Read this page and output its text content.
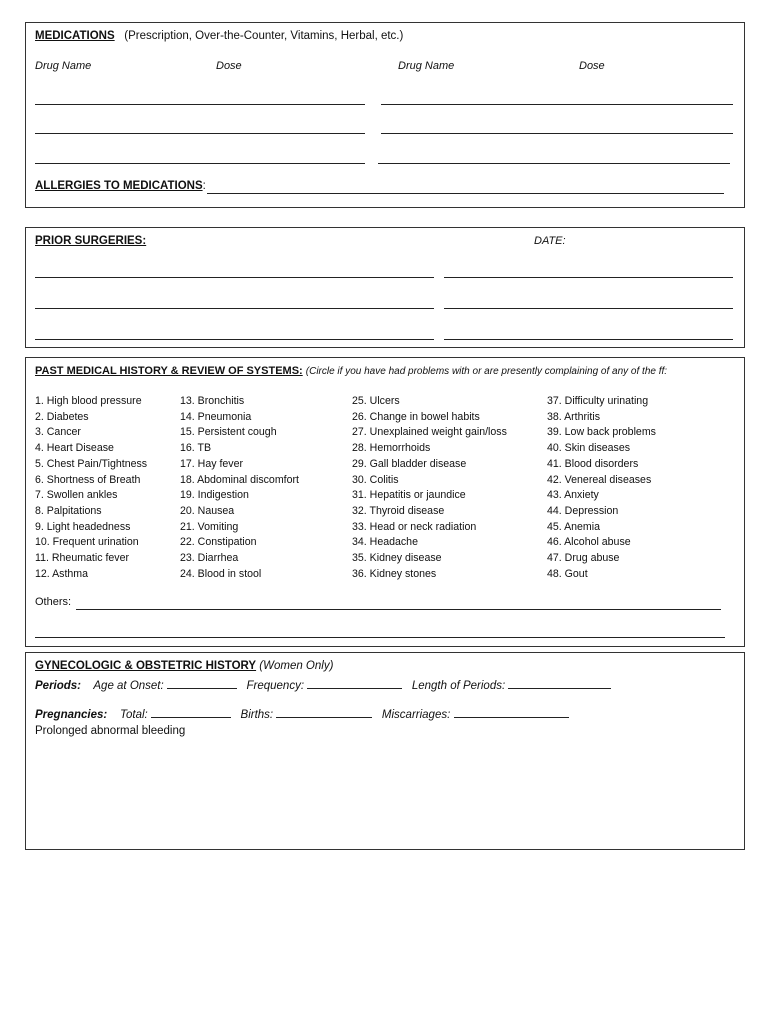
MEDICATIONS (Prescription, Over-the-Counter, Vitamins, Herbal, etc.)
Drug Name	Dose	Drug Name	Dose
ALLERGIES TO MEDICATIONS:
PRIOR SURGERIES:	DATE:
PAST MEDICAL HISTORY & REVIEW OF SYSTEMS: (Circle if you have had problems with or are presently complaining of any of the ff:
1. High blood pressure
2. Diabetes
3. Cancer
4. Heart Disease
5. Chest Pain/Tightness
6. Shortness of Breath
7. Swollen ankles
8. Palpitations
9. Light headedness
10. Frequent urination
11. Rheumatic fever
12. Asthma
13. Bronchitis
14. Pneumonia
15. Persistent cough
16. TB
17. Hay fever
18. Abdominal discomfort
19. Indigestion
20. Nausea
21. Vomiting
22. Constipation
23. Diarrhea
24. Blood in stool
25. Ulcers
26. Change in bowel habits
27. Unexplained weight gain/loss
28. Hemorrhoids
29. Gall bladder disease
30. Colitis
31. Hepatitis or jaundice
32. Thyroid disease
33. Head or neck radiation
34. Headache
35. Kidney disease
36. Kidney stones
37. Difficulty urinating
38. Arthritis
39. Low back problems
40. Skin diseases
41. Blood disorders
42. Venereal diseases
43. Anxiety
44. Depression
45. Anemia
46. Alcohol abuse
47. Drug abuse
48. Gout
Others:
GYNECOLOGIC & OBSTETRIC HISTORY (Women Only)
Periods: Age at Onset:	Frequency:	Length of Periods:
Pregnancies: Total:	Births:	Miscarriages:
Prolonged abnormal bleeding
